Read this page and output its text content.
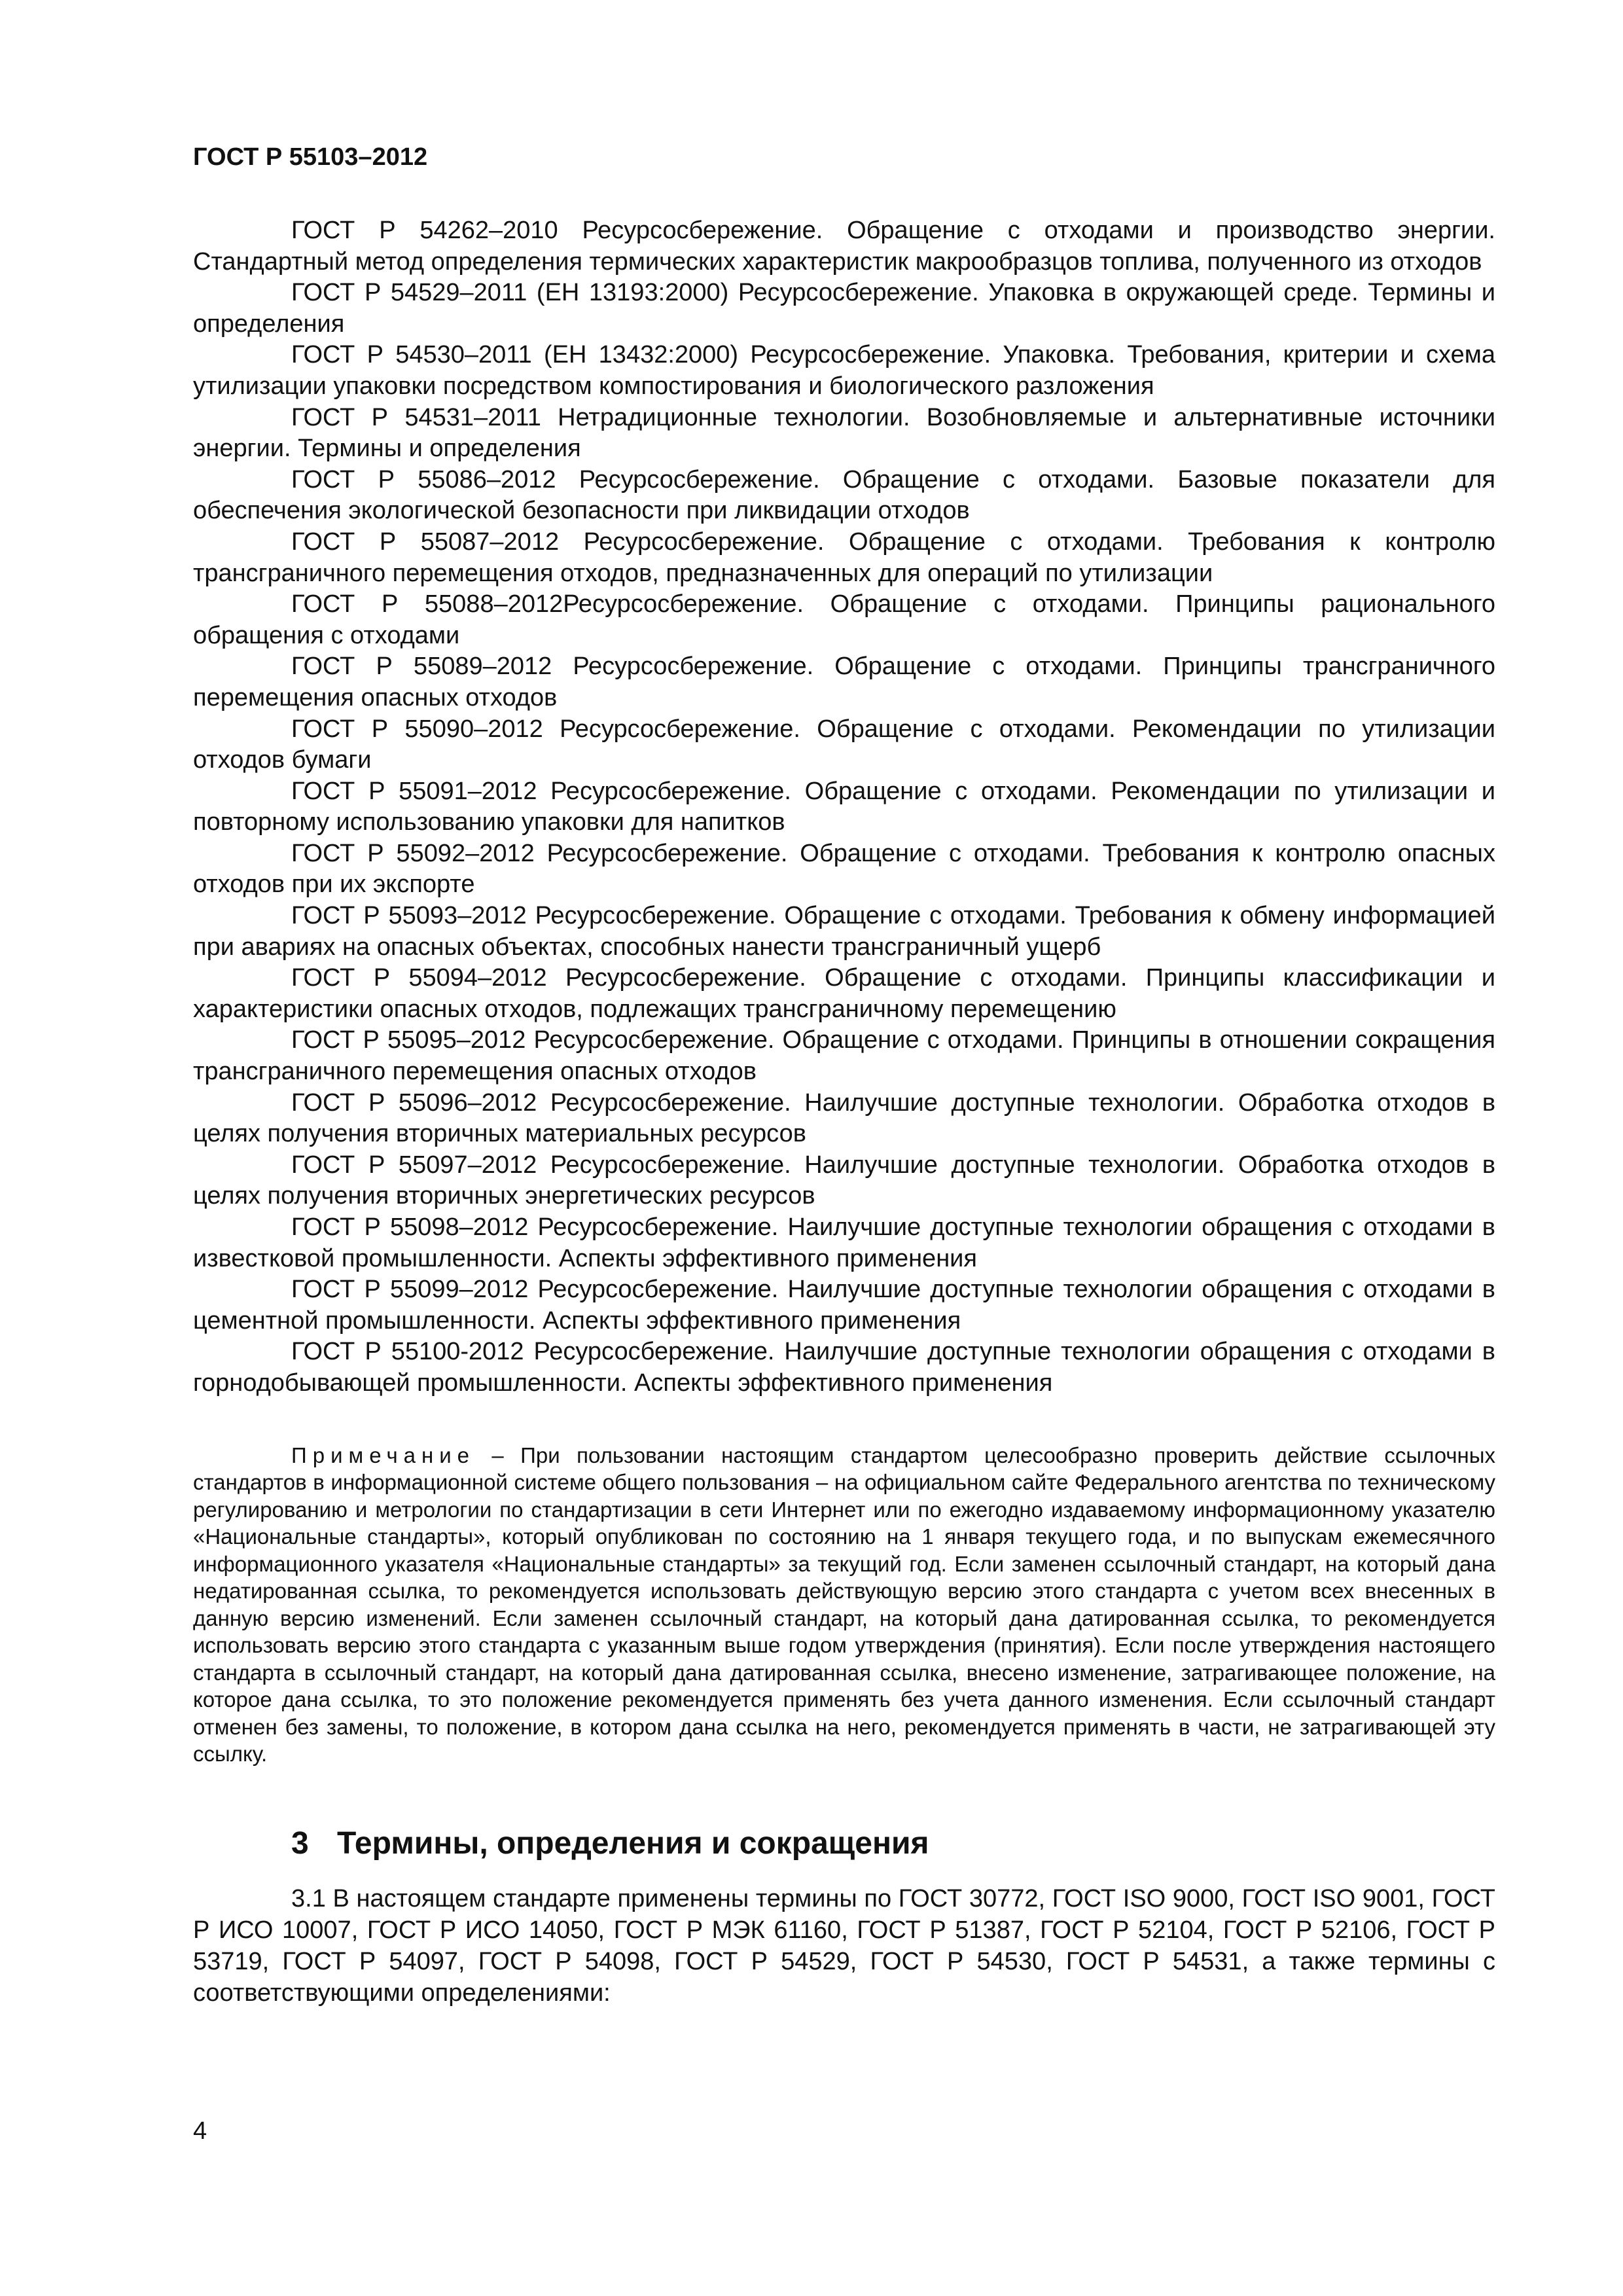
ГОСТ Р 55103–2012

ГОСТ Р 54262–2010 Ресурсосбережение. Обращение с отходами и производство энергии. Стандартный метод определения термических характеристик макрообразцов топлива, полученного из отходов

ГОСТ Р 54529–2011 (ЕН 13193:2000) Ресурсосбережение. Упаковка в окружающей среде. Термины и определения

ГОСТ Р 54530–2011 (ЕН 13432:2000) Ресурсосбережение. Упаковка. Требования, критерии и схема утилизации упаковки посредством компостирования и биологического разложения

ГОСТ Р 54531–2011 Нетрадиционные технологии. Возобновляемые и альтернативные источники энергии. Термины и определения

ГОСТ Р 55086–2012 Ресурсосбережение. Обращение с отходами. Базовые показатели для обеспечения экологической безопасности при ликвидации отходов

ГОСТ Р 55087–2012 Ресурсосбережение. Обращение с отходами. Требования к контролю трансграничного перемещения отходов, предназначенных для операций по утилизации

ГОСТ Р 55088–2012Ресурсосбережение. Обращение с отходами. Принципы рационального обращения с отходами

ГОСТ Р 55089–2012 Ресурсосбережение. Обращение с отходами. Принципы трансграничного перемещения опасных отходов

ГОСТ Р 55090–2012 Ресурсосбережение. Обращение с отходами. Рекомендации по утилизации отходов бумаги

ГОСТ Р 55091–2012 Ресурсосбережение. Обращение с отходами. Рекомендации по утилизации и повторному использованию упаковки для напитков

ГОСТ Р 55092–2012 Ресурсосбережение. Обращение с отходами. Требования к контролю опасных отходов при их экспорте

ГОСТ Р 55093–2012 Ресурсосбережение. Обращение с отходами. Требования к обмену информацией при авариях на опасных объектах, способных нанести трансграничный ущерб

ГОСТ Р 55094–2012 Ресурсосбережение. Обращение с отходами. Принципы классификации и характеристики опасных отходов, подлежащих трансграничному перемещению

ГОСТ Р 55095–2012 Ресурсосбережение. Обращение с отходами. Принципы в отношении сокращения трансграничного перемещения опасных отходов

ГОСТ Р 55096–2012 Ресурсосбережение. Наилучшие доступные технологии. Обработка отходов в целях получения вторичных материальных ресурсов

ГОСТ Р 55097–2012 Ресурсосбережение. Наилучшие доступные технологии. Обработка отходов в целях получения вторичных энергетических ресурсов

ГОСТ Р 55098–2012 Ресурсосбережение. Наилучшие доступные технологии обращения с отходами в известковой промышленности. Аспекты эффективного применения

ГОСТ Р 55099–2012 Ресурсосбережение. Наилучшие доступные технологии обращения с отходами в цементной промышленности. Аспекты эффективного применения

ГОСТ Р 55100-2012 Ресурсосбережение. Наилучшие доступные технологии обращения с отходами в горнодобывающей промышленности. Аспекты эффективного применения

Примечание – При пользовании настоящим стандартом целесообразно проверить действие ссылочных стандартов в информационной системе общего пользования – на официальном сайте Федерального агентства по техническому регулированию и метрологии по стандартизации в сети Интернет или по ежегодно издаваемому информационному указателю «Национальные стандарты», который опубликован по состоянию на 1 января текущего года, и по выпускам ежемесячного информационного указателя «Национальные стандарты» за текущий год. Если заменен ссылочный стандарт, на который дана недатированная ссылка, то рекомендуется использовать действующую версию этого стандарта с учетом всех внесенных в данную версию изменений. Если заменен ссылочный стандарт, на который дана датированная ссылка, то рекомендуется использовать версию этого стандарта с указанным выше годом утверждения (принятия). Если после утверждения настоящего стандарта в ссылочный стандарт, на который дана датированная ссылка, внесено изменение, затрагивающее положение, на которое дана ссылка, то это положение рекомендуется применять без учета данного изменения. Если ссылочный стандарт отменен без замены, то положение, в котором дана ссылка на него, рекомендуется применять в части, не затрагивающей эту ссылку.

3 Термины, определения и сокращения

3.1 В настоящем стандарте применены термины по ГОСТ 30772, ГОСТ ISO 9000, ГОСТ ISO 9001, ГОСТ Р ИСО 10007, ГОСТ Р ИСО 14050, ГОСТ Р МЭК 61160, ГОСТ Р 51387, ГОСТ Р 52104, ГОСТ Р 52106, ГОСТ Р 53719, ГОСТ Р 54097, ГОСТ Р 54098, ГОСТ Р 54529, ГОСТ Р 54530, ГОСТ Р 54531, а также термины с соответствующими определениями:

4
